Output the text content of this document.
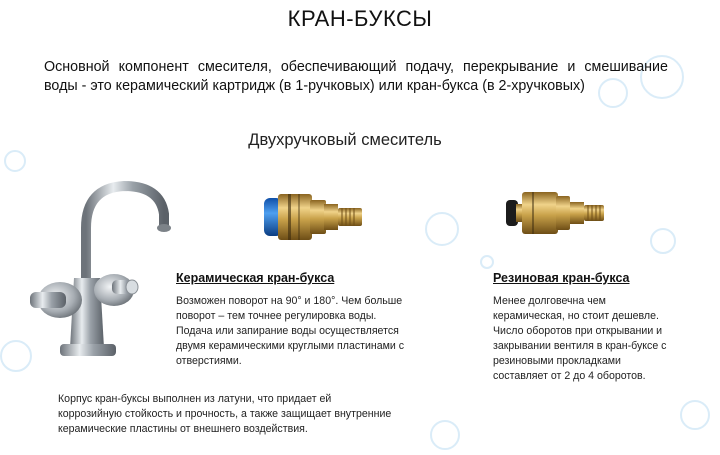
КРАН-БУКСЫ
Основной компонент смесителя, обеспечивающий подачу, перекрывание и смешивание воды - это керамический картридж (в 1-ручковых) или кран-букса (в 2-хручковых)
Двухручковый смеситель
Керамическая кран-букса
Возможен поворот на 90° и 180°. Чем больше поворот – тем точнее регулировка воды. Подача или запирание воды осуществляется двумя керамическими круглыми пластинами с отверстиями.
Резиновая кран-букса
Менее долговечна чем керамическая, но стоит дешевле. Число оборотов при открывании и закрывании вентиля в кран-буксе с резиновыми прокладками составляет от 2 до 4 оборотов.
Корпус кран-буксы выполнен из латуни, что придает ей коррозийную стойкость и прочность, а также защищает внутренние керамические пластины от внешнего воздействия.
